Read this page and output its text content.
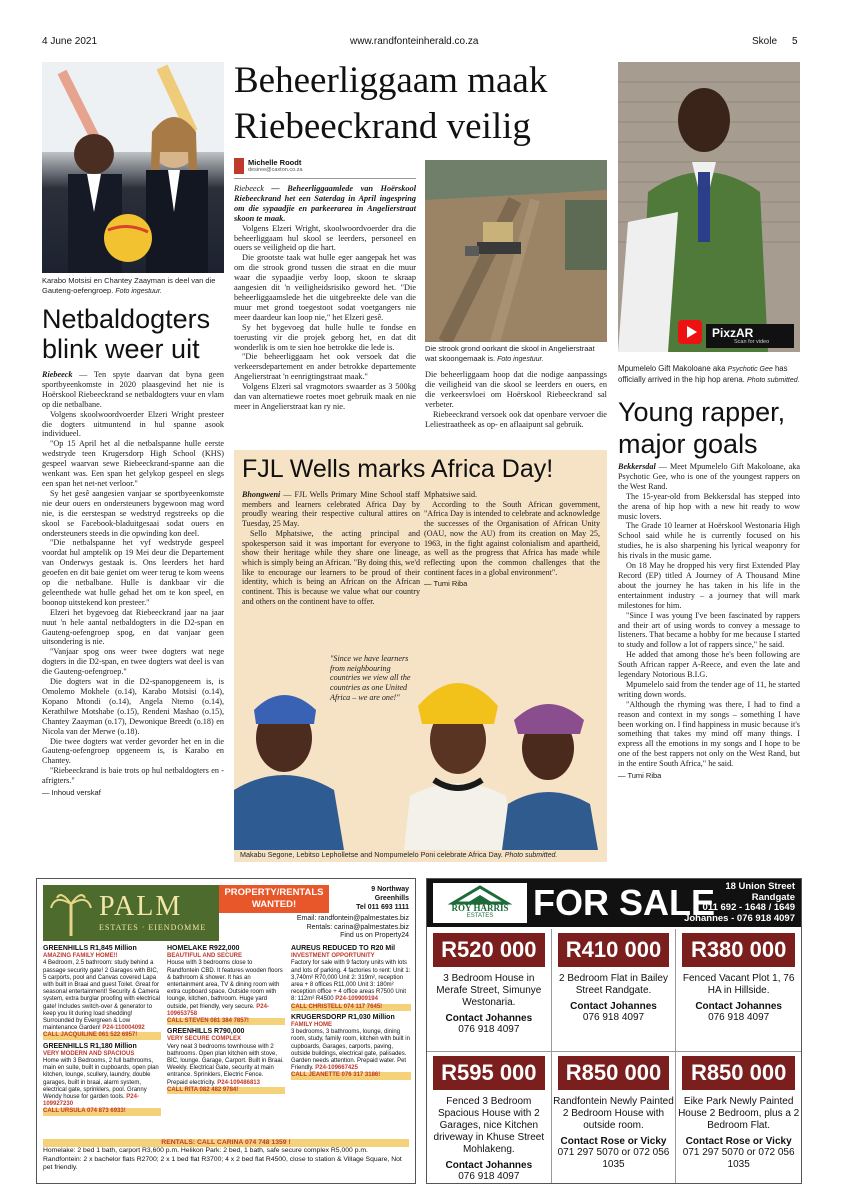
4 June 2021	www.randfonteinherald.co.za	Skole 5
Karabo Motsisi en Chantey Zaayman is deel van die Gauteng-oefengroep. Foto ingestuur.
Netbaldogters
blink weer uit

Riebeeck — Ten spyte daarvan dat byna geen sportbyeenkomste in 2020 plaasgevind het nie is Hoërskool Riebeeckrand se netbaldogters vuur en vlam op die netbalbane.

Volgens skoolwoordvoerder Elzeri Wright presteer die dogters uitmuntend in hul spanne asook individueel.

"Op 15 April het al die netbalspanne hulle eerste wedstryde teen Krugersdorp High School (KHS) gespeel waarvan sewe Riebeeckrand-spanne aan die wenkant was. Een span het gelykop gespeel en slegs een span het net-net verloor."

Sy het gesê aangesien vanjaar se sportbyeenkomste nie deur ouers en ondersteuners bygewoon mag word nie, is die eerstespan se wedstryd regstreeks op die skool se Facebook-bladuitgesaai sodat ouers en ondersteuners steeds in die opwinding kon deel.

"Die netbalspanne het vyf wedstryde gespeel voordat hul amptelik op 19 Mei deur die Departement van Onderwys gestaak is. Ons leerders het hard geoefen en dit baie geniet om weer terug te kom weens op die netbalbane. Hulle is dankbaar vir die geleenthede wat hulle gehad het om te kon speel, en boonop uitstekend kon presteer."

Elzeri het bygevoeg dat Riebeeckrand jaar na jaar nuut 'n hele aantal netbaldogters in die D2-span en Gauteng-oefengroep spog, en dat vanjaar geen uitsondering is nie.

"Vanjaar spog ons weer twee dogters wat nege dogters in die D2-span, en twee dogters wat deel is van die Gauteng-oefengroep."

Die dogters wat in die D2-spanopgeneem is, is Omolemo Mokhele (o.14), Karabo Motsisi (o.14), Kopano Mtondi (o.14), Angela Ntemo (o.14), Kerathilwe Motshabe (o.15), Rendeni Mashao (o.15), Chantey Zaayman (o.17), Dewonique Breedt (o.18) en Nicola van der Merwe (o.18).

Die twee dogters wat verder gevorder het en in die Gauteng-oefengroep opgeneem is, is Karabo en Chantey.

"Riebeeckrand is baie trots op hul netbaldogters en -afrigters."

— Inhoud verskaf
Beheerliggaam maak
Riebeeckrand veilig
Michelle Roodt
desiree@caxton.co.za

Riebeeck — Beheerliggaamlede van Hoërskool Riebeeckrand het een Saterdag in April ingespring om die sypaadjie en parkeerarea in Angelierstraat skoon te maak.

Volgens Elzeri Wright, skoolwoordvoerder dra die beheerliggaam hul skool se leerders, personeel en ouers se veiligheid op die hart.

Die grootste taak wat hulle eger aangepak het was om die strook grond tussen die straat en die muur waar die sypaadjie verby loop, skoon te skraap aangesien dit 'n veiligheidsrisiko geword het. "Die beheerliggaamslede het die uitgebreekte dele van die muur met grond toegestoot sodat voetgangers nie meer daardeur kan loop nie," het Elzeri gesê.

Sy het bygevoeg dat hulle hulle te fondse en toerusting vir die projek geborg het, en dat dit wonderlik is om te sien hoe betrokke die lede is.

"Die beheerliggaam het ook versoek dat die verkeersdepartement en ander betrokke departemente Angelierstraat 'n eenrigtingstraat maak."

Volgens Elzeri sal vragmotors swaarder as 3 500kg dan van alternatiewe roetes moet gebruik maak en nie meer in Angelierstraat kan ry nie.

Die strook grond oorkant die skool in Angelierstraat wat skoongemaak is. Foto ingestuur.

Die beheerliggaam hoop dat die nodige aanpassings die veiligheid van die skool se leerders en ouers, en die verkeersvloei om Hoërskool Riebeeckrand sal verbeter.

Riebeeckrand versoek ook dat openbare vervoer die Leliestraatheek as op- en aflaaipunt sal gebruik.

PixzAR
Scan for video
Mpumelelo Gift Makoloane aka Psychotic Gee has officially arrived in the hip hop arena. Photo submitted.
Young rapper,
major goals

Bekkersdal — Meet Mpumelelo Gift Makoloane, aka Psychotic Gee, who is one of the youngest rappers on the West Rand.

The 15-year-old from Bekkersdal has stepped into the arena of hip hop with a new hit ready to wow music lovers.

The Grade 10 learner at Hoërskool Westonaria High School said while he is currently focused on his studies, he is also sharpening his lyrical weaponry for his rivals in the music game.

On 18 May he dropped his very first Extended Play Record (EP) titled A Journey of A Thousand Mine about the journey he has taken in his life in the entertainment industry – a journey that will mark milestones for him.

"Since I was young I've been fascinated by rappers and their art of using words to convey a message to listeners. That became a hobby for me because I started to study and follow a lot of rappers since," he said.

He added that among those he's been following are South African rapper A-Reece, and even the late and legendary Notorious B.I.G.

Mpumelelo said from the tender age of 11, he started writing down words.

"Although the rhyming was there, I had to find a reason and context in my songs – something I have been working on. I find happiness in music because it's something that takes my mind off many things. I express all the emotions in my songs and I hope to be one of the best rappers not only on the West Rand, but in the entire South Africa," he said.

— Tumi Riba
FJL Wells marks Africa Day!

Bhongweni — FJL Wells Primary Mine School staff members and learners celebrated Africa Day by proudly wearing their respective cultural attires on Tuesday, 25 May.

Sello Mphatsiwe, the acting principal and spokesperson said it was important for everyone to show their heritage while they share one lineage, which is simply being an African. "By doing this, we'd like to encourage our learners to be proud of their identity, which is being an African on the African continent. This is because we value what our country and others on the continent have to offer.

"Since we have learners from neighbouring countries we view all the countries as one United Africa – we are one!"

Mphatsiwe said.

According to the South African government, "Africa Day is intended to celebrate and acknowledge the successes of the Organisation of African Unity (OAU, now the AU) from its creation on May 25, 1963, in the fight against colonialism and apartheid, as well as the progress that Africa has made while reflecting upon the common challenges that the continent faces in a global environment".

— Tumi Riba
Makabu Segone, Lebitso Lepholletse and Nompumelelo Poni celebrate Africa Day. Photo submitted.
PALM
ESTATES · EIENDOMME
PROPERTY/RENTALS WANTED!
9 Northway
Greenhills
Tel 011 693 1111
Email: randfontein@palmestates.biz
Rentals: carina@palmestates.biz
Find us on Property24
GREENHILLS R1,845 Million
AMAZING FAMILY HOME!!
4 Bedroom, 2.5 bathroom: study behind a passage security gate! 2 Garages with BIC, 5 carports, pool and Canvas covered Lapa with built in Braai and guest Toilet. Great for seasonal entertainment! Security & Camera system, extra burglar proofing with electrical gate! Includes switch-over & generator to keep you lit during load shedding! Surrounded by Evergreen & Low maintenance Garden! P24-110004092
CALL JACQUILINE 061 522 6957!
GREENHILLS R1,180 Million
VERY MODERN AND SPACIOUS
Home with 3 Bedrooms, 2 full bathrooms, main en suite, built in cupboards, open plan kitchen, lounge, scullery, laundry, double garages, built in braai, alarm system, electrical gate, sprinklers, pool. Granny Wendy house for garden tools. P24-109927230
CALL URSULA 074 873 6933!
HOMELAKE R922,000
BEAUTIFUL AND SECURE
House with 3 bedrooms close to Randfontein CBD. It features wooden floors & bathroom & shower. It has an entertainment area, TV & dining room with extra cupboard space. Outside room with lounge, kitchen, bathroom. Huge yard outside, pet friendly, very secure. P24-109653758
CALL STEVEN 081 384 7857!
GREENHILLS R790,000
VERY SECURE COMPLEX
Very neat 3 bedrooms townhouse with 2 bathrooms. Open plan kitchen with stove, BIC, lounge. Garage, Carport. Built in Braai. Weekly. Electrical Gate, security at main entrance. Sprinklers, Electric Fence. Prepaid electricity. P24-109486813
CALL RITA 082 482 9784!
AUREUS REDUCED TO R20 Mil
INVESTMENT OPPORTUNITY
Factory for sale with 9 factory units with lots and lots of parking. 4 factories to rent: Unit 1: 3,740m² R70,000 Unit 2: 319m², reception area + 8 offices R11,000 Unit 3: 180m² reception office + 4 office areas R7500 Unit 8: 112m² R4500 P24-109909194
CALL CHRISTELL 074 117 7645!
KRUGERSDORP R1,030 Million
FAMILY HOME
3 bedrooms, 3 bathrooms, lounge, dining room, study, family room, kitchen with built in cupboards, Garages, carports, paving, outside buildings, electrical gate, palisades. Garden needs attention. Prepaid water. Pet Friendly. P24-109667425
CALL JEANETTE 076 317 3186!
RENTALS: CALL CARINA 074 748 1359 !
Homelake: 2 bed 1 bath, carport R3,600 p.m. Helikon Park: 2 bed, 1 bath, safe secure complex R5,000 p.m.
Randfontein: 2 x bachelor flats R2700; 2 x 1 bed flat R3700; 4 x 2 bed flat R4500, close to station & Village Square, Not pet friendly.
ROY HARRIS
ESTATES	FOR SALE	18 Union Street
Randgate
011 692 - 1648 / 1649
Johannes - 076 918 4097
R520 000
3 Bedroom House in Merafe Street, Simunye Westonaria.
Contact Johannes
076 918 4097
R410 000
2 Bedroom Flat in Bailey Street Randgate.
Contact Johannes
076 918 4097
R380 000
Fenced Vacant Plot 1, 76 HA in Hillside.
Contact Johannes
076 918 4097
R595 000
Fenced 3 Bedroom Spacious House with 2 Garages, nice Kitchen driveway in Khuse Street Mohlakeng.
Contact Johannes
076 918 4097
R850 000
Randfontein Newly Painted 2 Bedroom House with outside room.
Contact Rose or Vicky
071 297 5070 or 072 056 1035
R850 000
Eike Park Newly Painted House 2 Bedroom, plus a 2 Bedroom Flat.
Contact Rose or Vicky
071 297 5070 or 072 056 1035
